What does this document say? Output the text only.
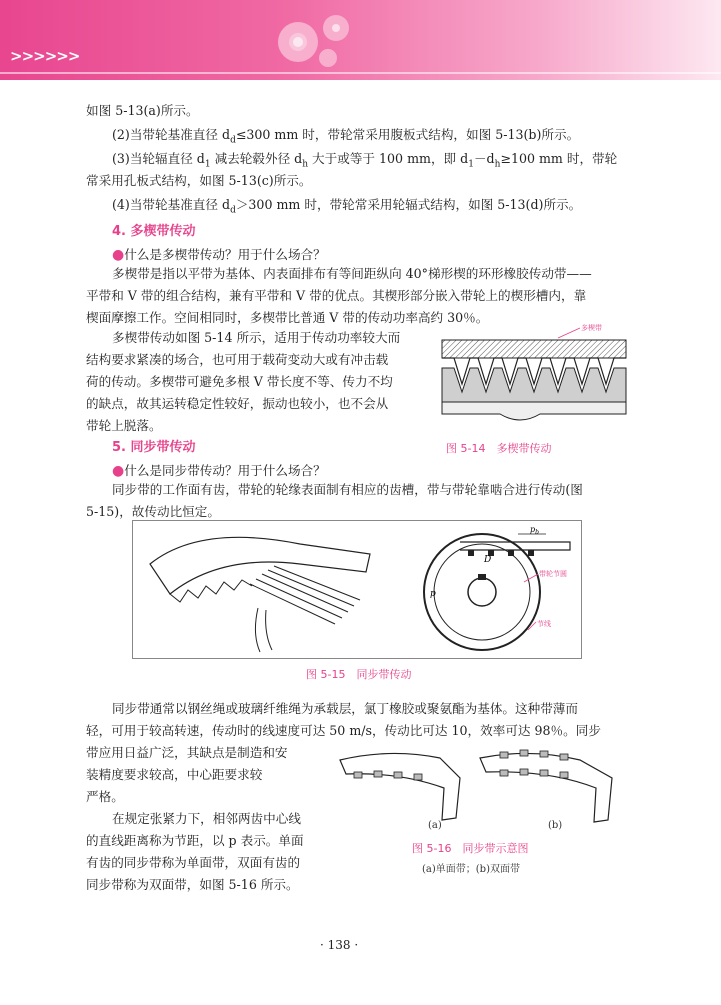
>>>>>>
如图 5-13(a)所示。
(2)当带轮基准直径 $d_d\le 300$ mm 时，带轮常采用腹板式结构，如图 5-13(b)所示。
(3)当轮辐直径 $d_1$ 减去轮毂外径 $d_h$ 大于或等于 100 mm，即 $d_1-d_h\ge 100$ mm 时，带轮
常采用孔板式结构，如图 5-13(c)所示。
(4)当带轮基准直径 $d_d>300$ mm 时，带轮常采用轮辐式结构，如图 5-13(d)所示。
4. 多楔带传动
●什么是多楔带传动？用于什么场合？
多楔带是指以平带为基体、内表面排布有等间距纵向 40°梯形楔的环形橡胶传动带——
平带和 V 带的组合结构，兼有平带和 V 带的优点。其楔形部分嵌入带轮上的楔形槽内，靠
楔面摩擦工作。空间相同时，多楔带比普通 V 带的传动功率高约 30％。
多楔带传动如图 5-14 所示，适用于传动功率较大而
结构要求紧凑的场合，也可用于载荷变动大或有冲击载
荷的传动。多楔带可避免多根 V 带长度不等、传力不均
的缺点，故其运转稳定性较好，振动也较小，也不会从
带轮上脱落。
多楔带
图 5-14　多楔带传动
5. 同步带传动
●什么是同步带传动？用于什么场合？
同步带的工作面有齿，带轮的轮缘表面制有相应的齿槽，带与带轮靠啮合进行传动(图
5-15)，故传动比恒定。
$p_b$
带轮节圆
节线
p
D
图 5-15　同步带传动
同步带通常以钢丝绳或玻璃纤维绳为承载层，氯丁橡胶或聚氨酯为基体。这种带薄而
轻，可用于较高转速，传动时的线速度可达 50 m/s，传动比可达 10，效率可达 98％。同步
带应用日益广泛，其缺点是制造和安
装精度要求较高，中心距要求较
严格。
在规定张紧力下，相邻两齿中心线
的直线距离称为节距，以 p 表示。单面
有齿的同步带称为单面带，双面有齿的
同步带称为双面带，如图 5-16 所示。
(a)	(b)
图 5-16　同步带示意图
(a)单面带；(b)双面带
· 138 ·
